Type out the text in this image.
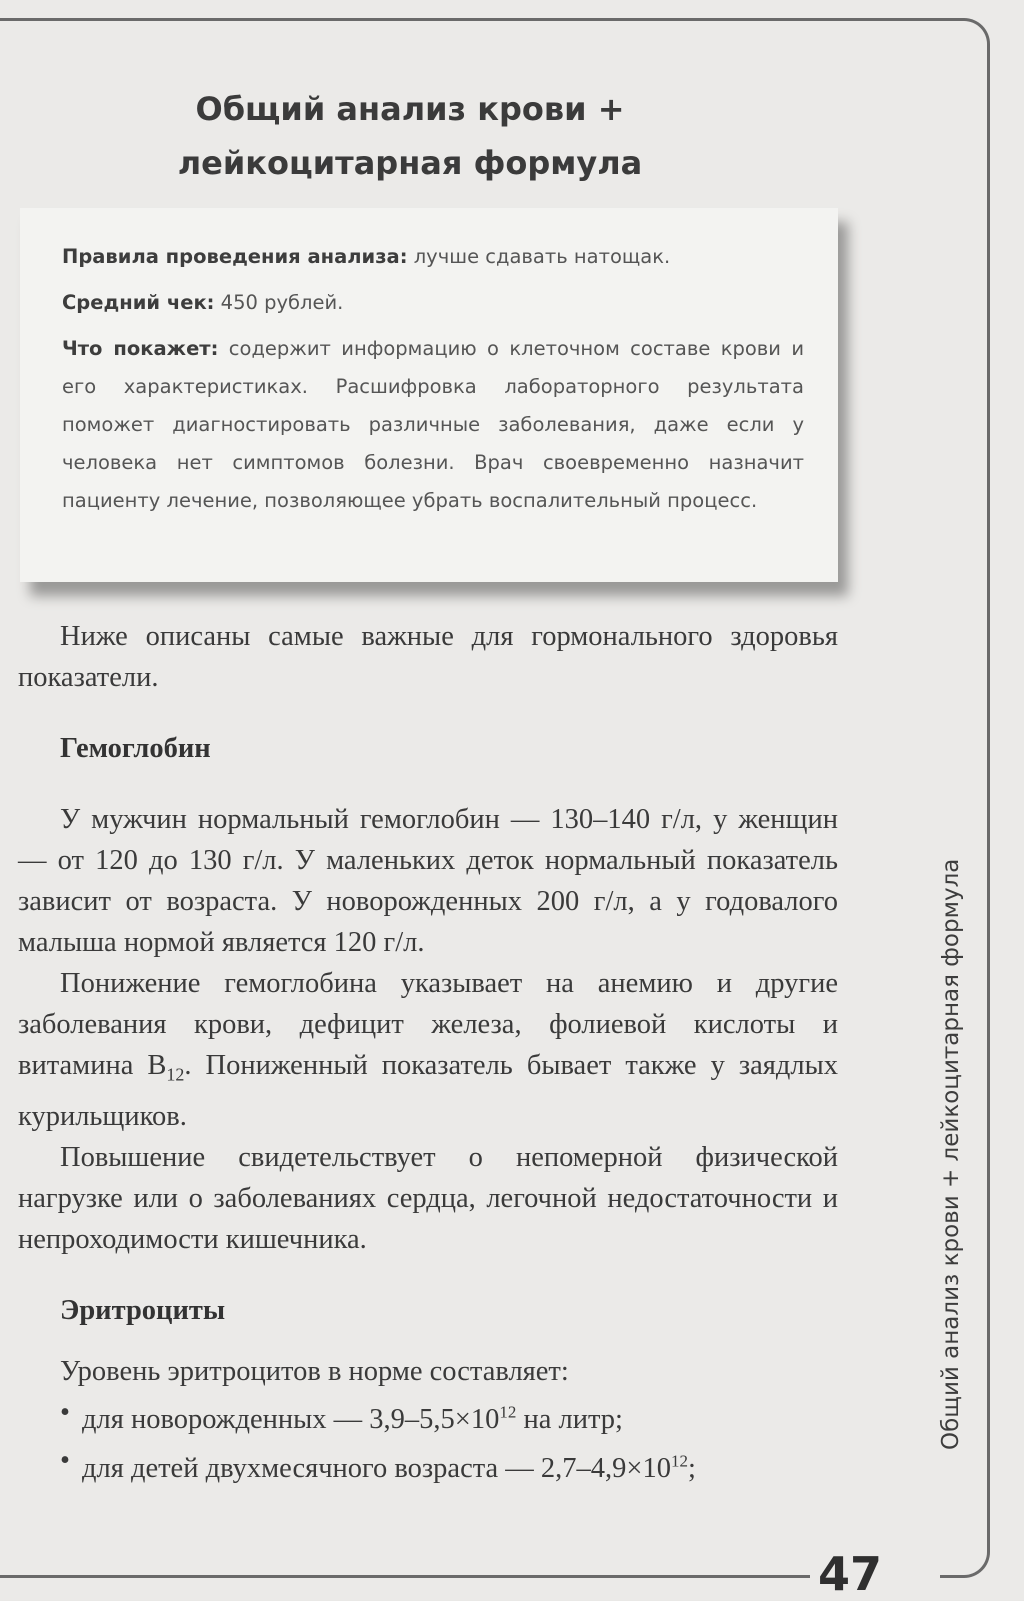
Общий анализ крови +
лейкоцитарная формула

Правила проведения анализа: лучше сдавать натощак.

Средний чек: 450 рублей.

Что покажет: содержит информацию о клеточном составе крови и его характеристиках. Расшифровка лабораторного результата поможет диагностировать различные заболевания, даже если у человека нет симптомов болезни. Врач своевременно назначит пациенту лечение, позволяющее убрать воспалительный процесс.

Ниже описаны самые важные для гормонального здоровья показатели.

Гемоглобин

У мужчин нормальный гемоглобин — 130–140 г/л, у женщин — от 120 до 130 г/л. У маленьких деток нормальный показатель зависит от возраста. У новорожденных 200 г/л, а у годовалого малыша нормой является 120 г/л.

Понижение гемоглобина указывает на анемию и другие заболевания крови, дефицит железа, фолиевой кислоты и витамина $B_{12}$. Пониженный показатель бывает также у заядлых курильщиков.

Повышение свидетельствует о непомерной физической нагрузке или о заболеваниях сердца, легочной недостаточности и непроходимости кишечника.

Эритроциты

Уровень эритроцитов в норме составляет:

• для новорожденных — $3,9-5,5\times 10^{12}$ на литр;
• для детей двухмесячного возраста — $2,7-4,9\times 10^{12}$;
Общий анализ крови + лейкоцитарная формула
47
